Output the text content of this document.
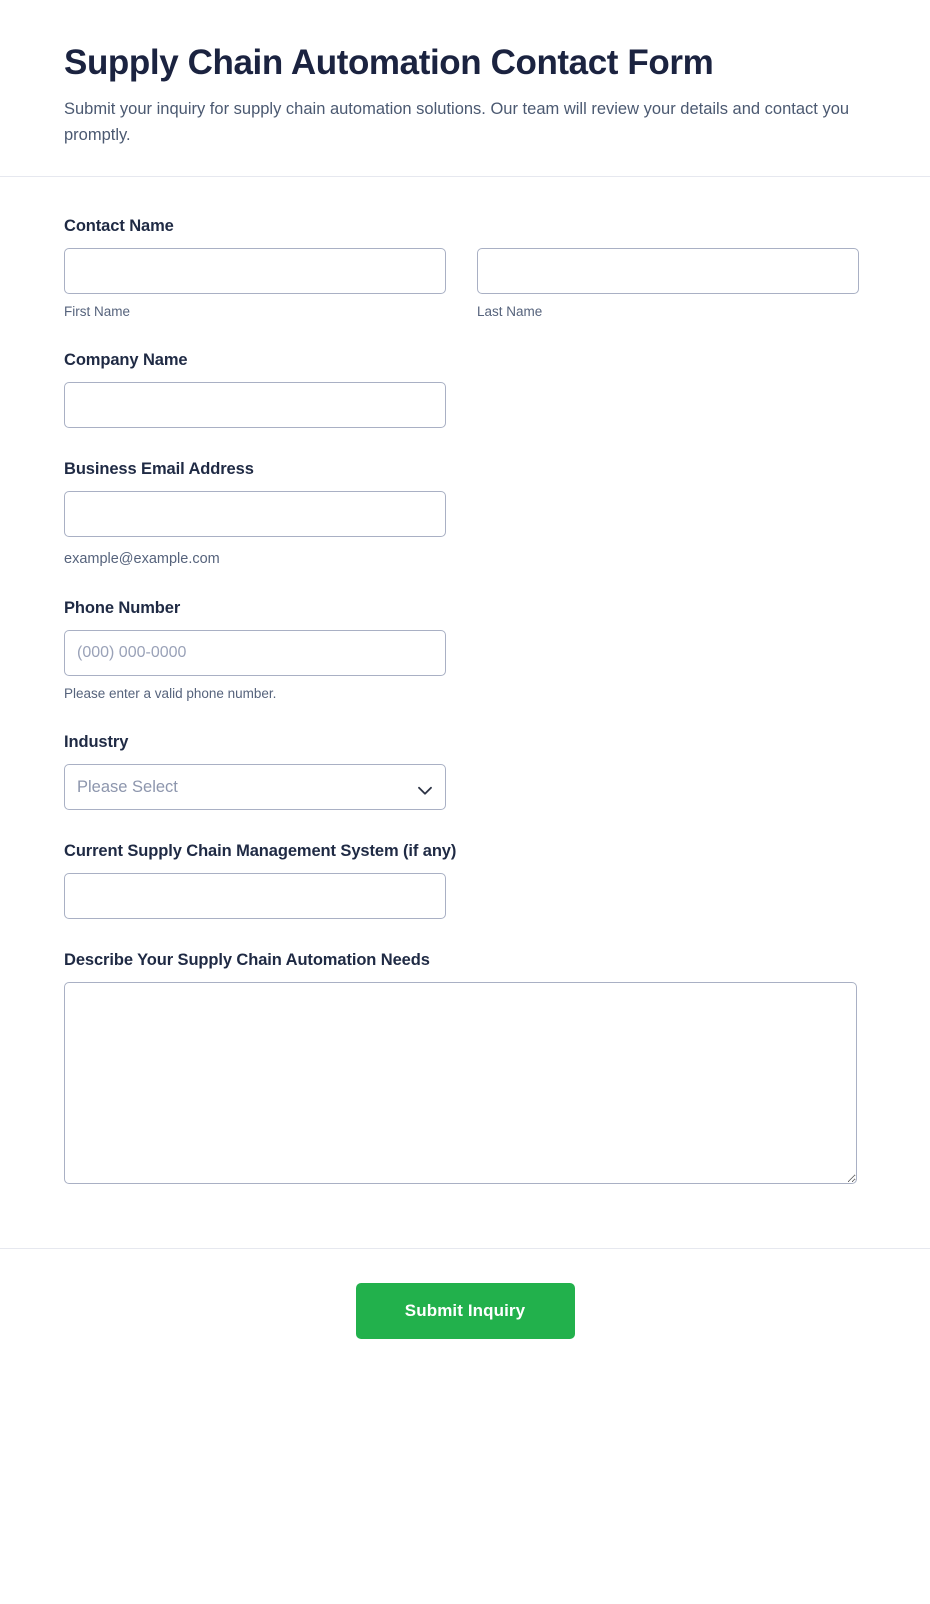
Supply Chain Automation Contact Form

Submit your inquiry for supply chain automation solutions. Our team will review your details and contact you promptly.

Contact Name
First Name	Last Name
Company Name
Business Email Address
example@example.com
Phone Number
(000) 000-0000
Please enter a valid phone number.
Industry
Please Select
Current Supply Chain Management System (if any)
Describe Your Supply Chain Automation Needs
Submit Inquiry
